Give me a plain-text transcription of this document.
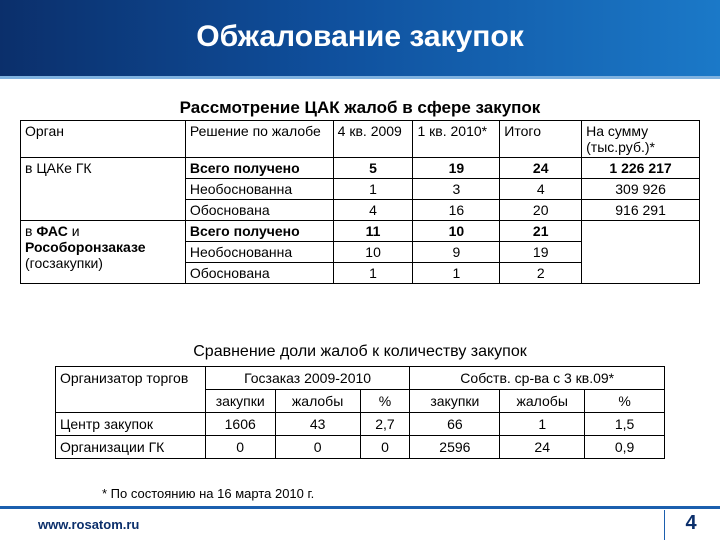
Обжалование закупок
Рассмотрение ЦАК жалоб в сфере закупок
Орган	Решение по жалобе	4 кв. 2009	1 кв. 2010*	Итого	На сумму (тыс.руб.)*
в ЦАКе ГК	Всего получено	5	19	24	1 226 217
	Необоснованна	1	3	4	309 926
	Обоснована	4	16	20	916 291
в ФАС и Рособоронзаказе (госзакупки)	Всего получено	11	10	21	
	Необоснованна	10	9	19	
	Обоснована	1	1	2	
Сравнение доли жалоб к количеству закупок
Организатор торгов	Госзаказ 2009-2010			Собств. ср-ва с 3 кв.09*		
	закупки	жалобы	%	закупки	жалобы	%
Центр закупок	1606	43	2,7	66	1	1,5
Организации ГК	0	0	0	2596	24	0,9
* По состоянию на 16 марта 2010 г.
www.rosatom.ru	4
